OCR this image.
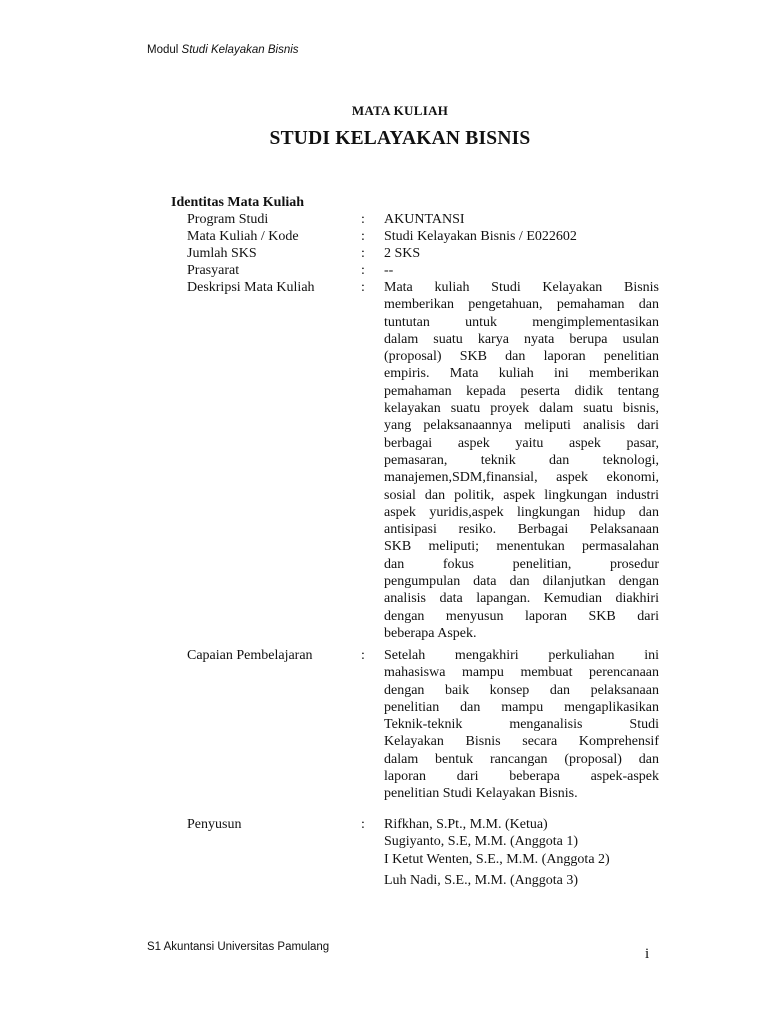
Modul Studi Kelayakan Bisnis
MATA KULIAH
STUDI KELAYAKAN BISNIS
Identitas Mata Kuliah
Program Studi	: AKUNTANSI
Mata Kuliah / Kode	: Studi Kelayakan Bisnis / E022602
Jumlah SKS	: 2 SKS
Prasyarat	: --
Deskripsi Mata Kuliah	: Mata kuliah Studi Kelayakan Bisnis
memberikan pengetahuan, pemahaman dan
tuntutan untuk mengimplementasikan
dalam suatu karya nyata berupa usulan
(proposal) SKB dan laporan penelitian
empiris. Mata kuliah ini memberikan
pemahaman kepada peserta didik tentang
kelayakan suatu proyek dalam suatu bisnis,
yang pelaksanaannya meliputi analisis dari
berbagai aspek yaitu aspek pasar,
pemasaran, teknik dan teknologi,
manajemen,SDM,finansial, aspek ekonomi,
sosial dan politik, aspek lingkungan industri
aspek yuridis,aspek lingkungan hidup dan
antisipasi resiko. Berbagai Pelaksanaan
SKB meliputi; menentukan permasalahan
dan fokus penelitian, prosedur
pengumpulan data dan dilanjutkan dengan
analisis data lapangan. Kemudian diakhiri
dengan menyusun laporan SKB dari
beberapa Aspek.
Capaian Pembelajaran	: Setelah mengakhiri perkuliahan ini
mahasiswa mampu membuat perencanaan
dengan baik konsep dan pelaksanaan
penelitian dan mampu mengaplikasikan
Teknik-teknik menganalisis Studi
Kelayakan Bisnis secara Komprehensif
dalam bentuk rancangan (proposal) dan
laporan dari beberapa aspek-aspek
penelitian Studi Kelayakan Bisnis.
Penyusun	: Rifkhan, S.Pt., M.M. (Ketua)
Sugiyanto, S.E, M.M. (Anggota 1)
I Ketut Wenten, S.E., M.M. (Anggota 2)
Luh Nadi, S.E., M.M. (Anggota 3)
S1 Akuntansi Universitas Pamulang	i
